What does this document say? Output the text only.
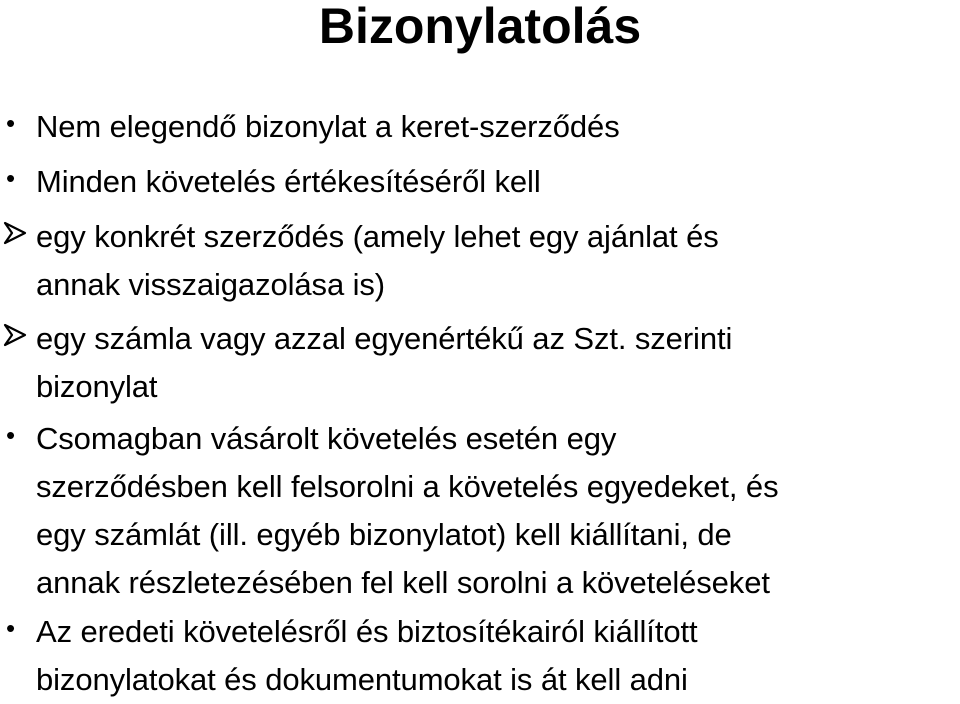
Bizonylatolás
• Nem elegendő bizonylat a keret-szerződés
• Minden követelés értékesítéséről kell
egy konkrét szerződés (amely lehet egy ajánlat és
annak visszaigazolása is)
egy számla vagy azzal egyenértékű az Szt. szerinti
bizonylat
• Csomagban vásárolt követelés esetén egy
szerződésben kell felsorolni a követelés egyedeket, és
egy számlát (ill. egyéb bizonylatot) kell kiállítani, de
annak részletezésében fel kell sorolni a követeléseket
• Az eredeti követelésről és biztosítékairól kiállított
bizonylatokat és dokumentumokat is át kell adni
